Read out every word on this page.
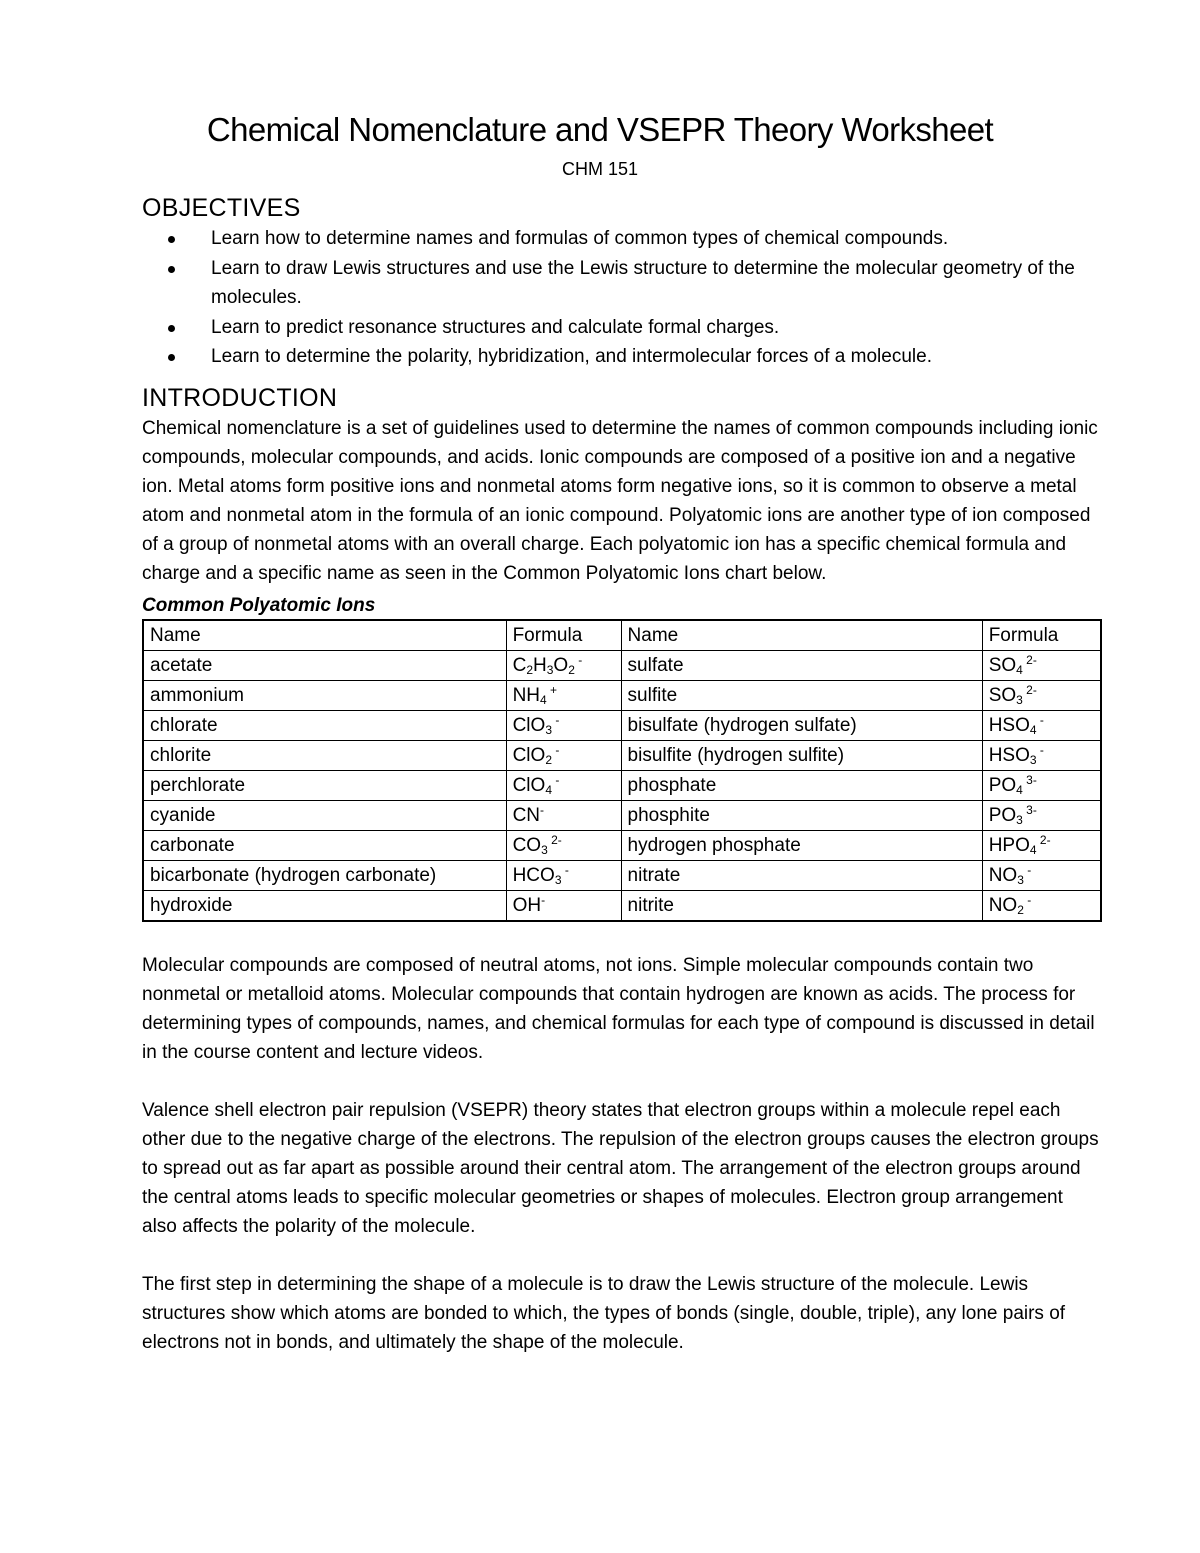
Chemical Nomenclature and VSEPR Theory Worksheet
CHM 151
OBJECTIVES
Learn how to determine names and formulas of common types of chemical compounds.
Learn to draw Lewis structures and use the Lewis structure to determine the molecular geometry of the molecules.
Learn to predict resonance structures and calculate formal charges.
Learn to determine the polarity, hybridization, and intermolecular forces of a molecule.
INTRODUCTION

Chemical nomenclature is a set of guidelines used to determine the names of common compounds including ionic compounds, molecular compounds, and acids. Ionic compounds are composed of a positive ion and a negative ion. Metal atoms form positive ions and nonmetal atoms form negative ions, so it is common to observe a metal atom and nonmetal atom in the formula of an ionic compound. Polyatomic ions are another type of ion composed of a group of nonmetal atoms with an overall charge. Each polyatomic ion has a specific chemical formula and charge and a specific name as seen in the Common Polyatomic Ions chart below.

Common Polyatomic Ions
Name	Formula	Name	Formula
acetate	$C_2H_3O_2$ -	sulfate	$SO_4$ $^{2-}$
ammonium	$NH_4$ +	sulfite	$SO_3$ $^{2-}$
chlorate	ClO$_3$ -	bisulfate (hydrogen sulfate)	$HSO_4$ -
chlorite	ClO$_2$ -	bisulfite (hydrogen sulfite)	$HSO_3$ -
perchlorate	ClO$_4$ -	phosphate	$PO_4$ $^{3-}$
cyanide	CN-	phosphite	$PO_3$ $^{3-}$
carbonate	$CO_3$ $^{2-}$	hydrogen phosphate	$HPO_4$ $^{2-}$
bicarbonate (hydrogen carbonate)	$HCO_3$ -	nitrate	$NO_3$ -
hydroxide	OH-	nitrite	$NO_2$ -

Molecular compounds are composed of neutral atoms, not ions. Simple molecular compounds contain two nonmetal or metalloid atoms. Molecular compounds that contain hydrogen are known as acids. The process for determining types of compounds, names, and chemical formulas for each type of compound is discussed in detail in the course content and lecture videos.

Valence shell electron pair repulsion (VSEPR) theory states that electron groups within a molecule repel each other due to the negative charge of the electrons. The repulsion of the electron groups causes the electron groups to spread out as far apart as possible around their central atom. The arrangement of the electron groups around the central atoms leads to specific molecular geometries or shapes of molecules. Electron group arrangement also affects the polarity of the molecule.

The first step in determining the shape of a molecule is to draw the Lewis structure of the molecule. Lewis structures show which atoms are bonded to which, the types of bonds (single, double, triple), any lone pairs of electrons not in bonds, and ultimately the shape of the molecule.
